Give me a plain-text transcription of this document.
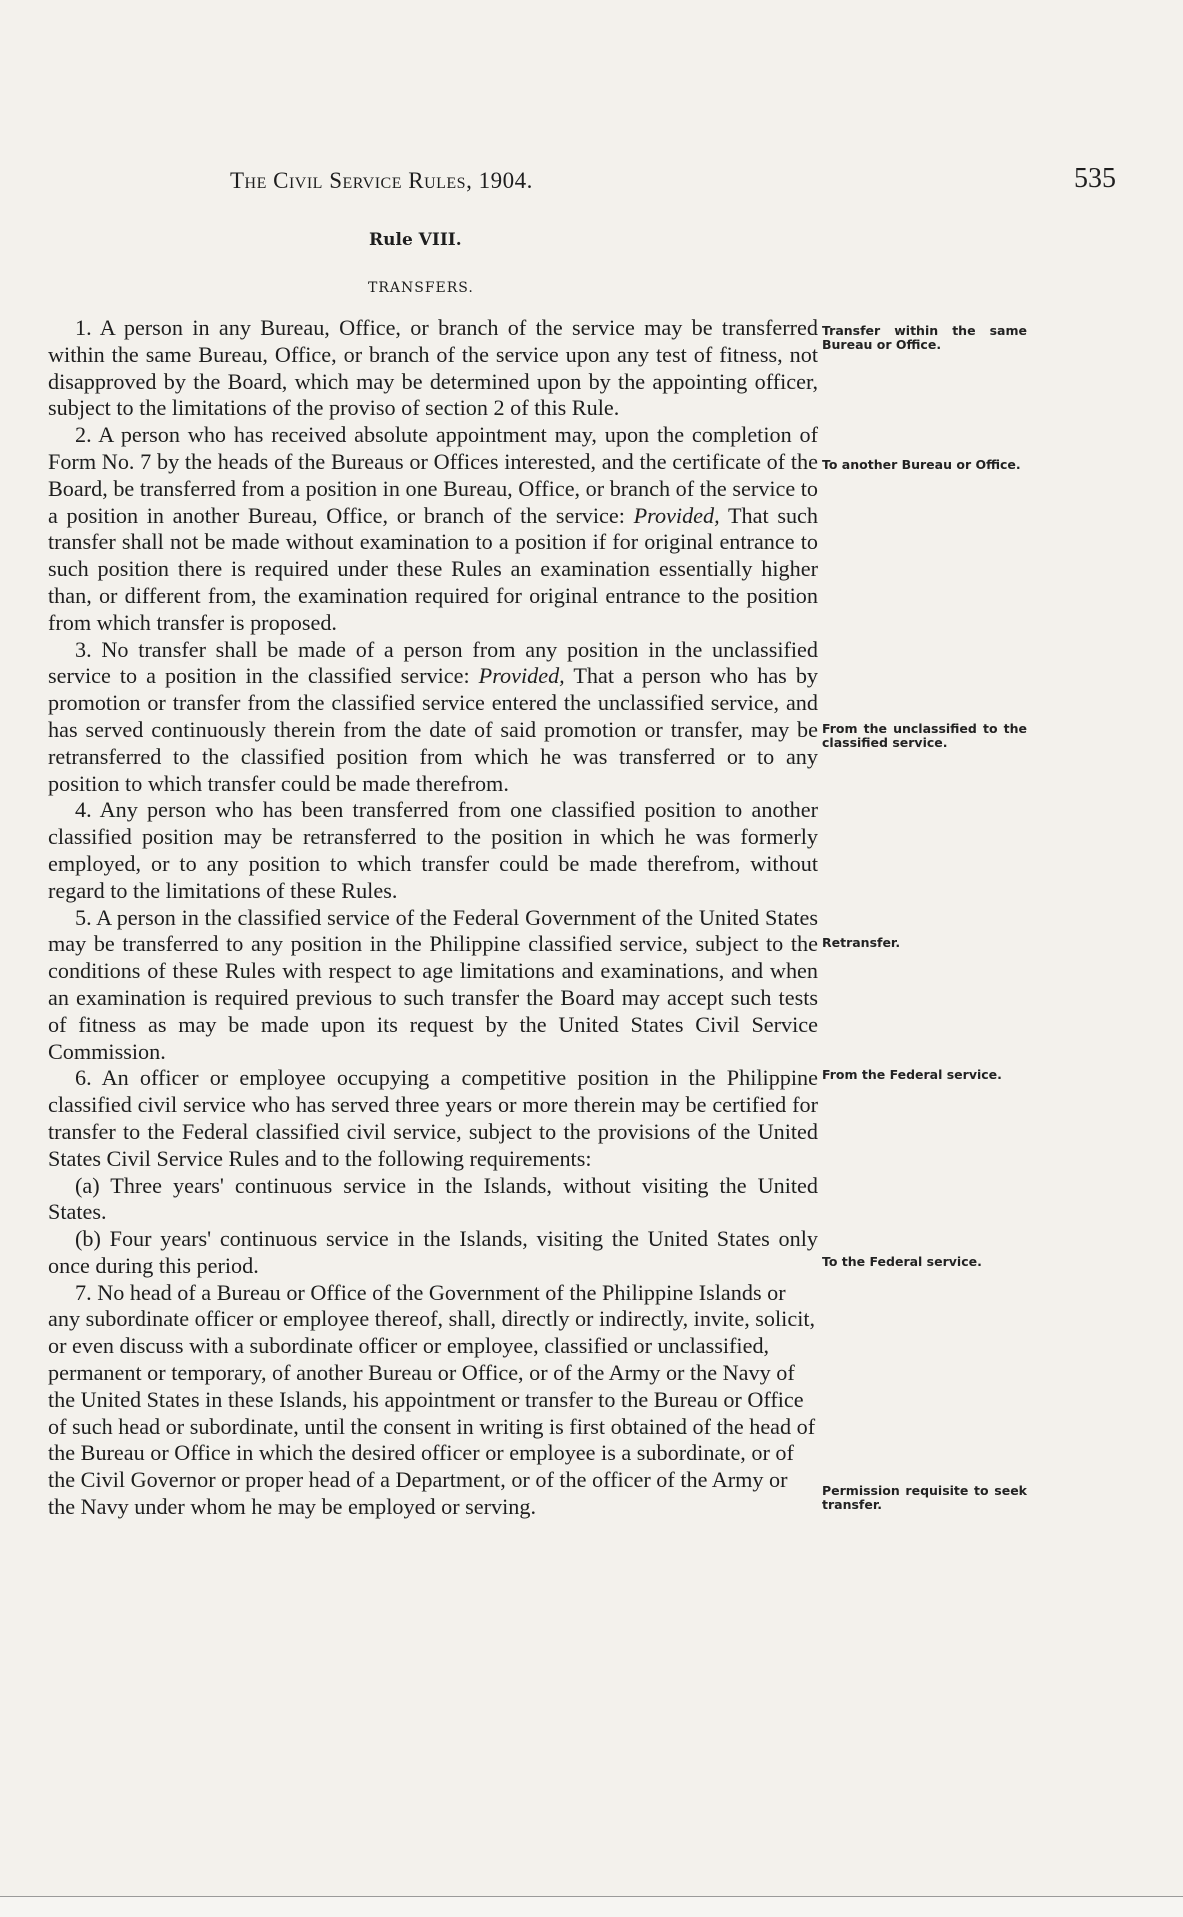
The Civil Service Rules, 1904.	535
Rule VIII.
TRANSFERS.

1. A person in any Bureau, Office, or branch of the service may be transferred within the same Bureau, Office, or branch of the service upon any test of fitness, not disapproved by the Board, which may be determined upon by the appointing officer, subject to the limitations of the proviso of section 2 of this Rule.

2. A person who has received absolute appointment may, upon the completion of Form No. 7 by the heads of the Bureaus or Offices interested, and the certificate of the Board, be transferred from a position in one Bureau, Office, or branch of the service to a position in another Bureau, Office, or branch of the service: Provided, That such transfer shall not be made without examination to a position if for original entrance to such position there is required under these Rules an examination essentially higher than, or different from, the examination required for original entrance to the position from which transfer is proposed.

3. No transfer shall be made of a person from any position in the unclassified service to a position in the classified service: Provided, That a person who has by promotion or transfer from the classified service entered the unclassified service, and has served continuously therein from the date of said promotion or transfer, may be retransferred to the classified position from which he was transferred or to any position to which transfer could be made therefrom.

4. Any person who has been transferred from one classified position to another classified position may be retransferred to the position in which he was formerly employed, or to any position to which transfer could be made therefrom, without regard to the limitations of these Rules.

5. A person in the classified service of the Federal Government of the United States may be transferred to any position in the Philippine classified service, subject to the conditions of these Rules with respect to age limitations and examinations, and when an examination is required previous to such transfer the Board may accept such tests of fitness as may be made upon its request by the United States Civil Service Commission.

6. An officer or employee occupying a competitive position in the Philippine classified civil service who has served three years or more therein may be certified for transfer to the Federal classified civil service, subject to the provisions of the United States Civil Service Rules and to the following requirements:

(a) Three years' continuous service in the Islands, without visiting the United States.

(b) Four years' continuous service in the Islands, visiting the United States only once during this period.

7. No head of a Bureau or Office of the Government of the Philippine Islands or any subordinate officer or employee thereof, shall, directly or indirectly, invite, solicit, or even discuss with a subordinate officer or employee, classified or unclassified, permanent or temporary, of another Bureau or Office, or of the Army or the Navy of the United States in these Islands, his appointment or transfer to the Bureau or Office of such head or subordinate, until the consent in writing is first obtained of the head of the Bureau or Office in which the desired officer or employee is a subordinate, or of the Civil Governor or proper head of a Department, or of the officer of the Army or the Navy under whom he may be employed or serving.

Transfer within the same Bureau or Office.
To another Bureau or Office.
From the unclassified to the classified service.
Retransfer.
From the Federal service.
To the Federal service.
Permission requisite to seek transfer.
